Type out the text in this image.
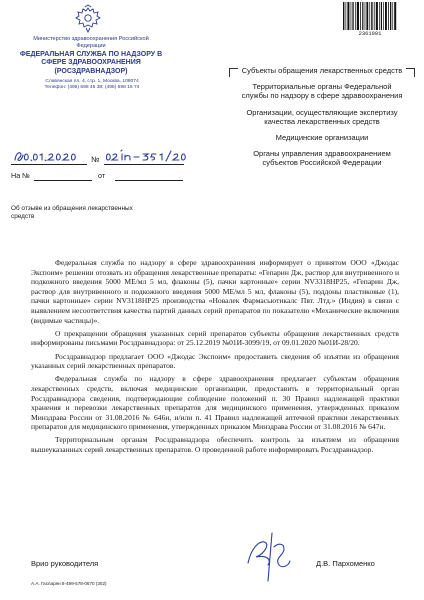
Министерство здравоохранения Российской Федерации
ФЕДЕРАЛЬНАЯ СЛУЖБА ПО НАДЗОРУ В СФЕРЕ ЗДРАВООХРАНЕНИЯ (РОСЗДРАВНАДЗОР)
Славянская пл. 4, стр. 1, Москва, 109074
Телефон: (495) 698 45 38; (495) 698 15 74
2361091
№
На №	от
Об отзыве из обращения лекарственных средств
Субъекты обращения лекарственных средств
Территориальные органы Федеральной службы по надзору в сфере здравоохранения
Организации, осуществляющие экспертизу качества лекарственных средств
Медицинские организации
Органы управления здравоохранением субъектов Российской Федерации

Федеральная служба по надзору в сфере здравоохранения информирует о принятом ООО «Джодас Экспоим» решении отозвать из обращения лекарственные препараты: «Гепарин Дж, раствор для внутривенного и подкожного введения 5000 МЕ/мл 5 мл, флаконы (5), пачки картонные» серии NV3318HP25, «Гепарин Дж, раствор для внутривенного и подкожного введения 5000 МЕ/мл 5 мл, флаконы (5), поддоны пластиковые (1), пачки картонные» серии NV3118HP25 производства «Новалек Фармасьютикалс Пвт. Лтд.» (Индия) в связи с выявлением несоответствия качества партий данных серий препаратов по показателю «Механические включения (видимые частицы)».

О прекращении обращения указанных серий препаратов субъекты обращения лекарственных средств информированы письмами Росздравнадзора: от 25.12.2019 №01И-3099/19, от 09.01.2020 №01И-28/20.

Росздравнадзор предлагает ООО «Джодас Экспоим» предоставить сведения об изъятии из обращения указанных серий лекарственных препаратов.

Федеральная служба по надзору в сфере здравоохранения предлагает субъектам обращения лекарственных средств, включая медицинские организации, предоставить в территориальный орган Росздравнадзора сведения, подтверждающие соблюдение положений п. 30 Правил надлежащей практики хранения и перевозки лекарственных препаратов для медицинского применения, утвержденных приказом Минздрава России от 31.08.2016 № 646н, и/или п. 41 Правил надлежащей аптечной практики лекарственных препаратов для медицинского применения, утвержденных приказом Минздрава России от 31.08.2016 № 647н.

Территориальным органам Росздравнадзора обеспечить контроль за изъятием из обращения вышеуказанных серий лекарственных препаратов. О проведенной работе информировать Росздравнадзор.

Врио руководителя	Д.В. Пархоменко
А.А. Гаспарян 8-499-578-0670 (302)
